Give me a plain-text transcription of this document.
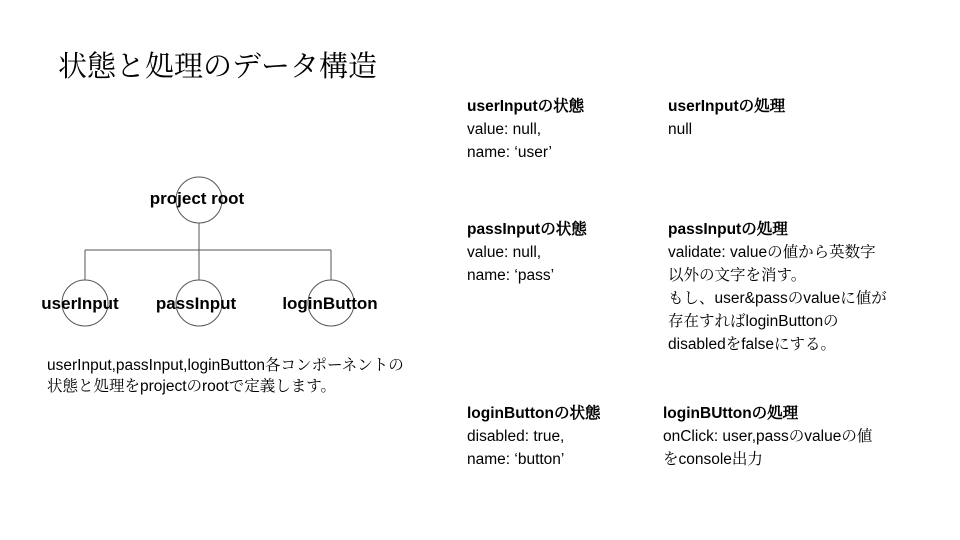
状態と処理のデータ構造
project root
userInput passInput	loginButton
userInput,passInput,loginButton各コンポーネントの状態と処理をprojectのrootで定義します。
userInputの状態
value: null,
name: ‘user’
userInputの処理
null
passInputの状態
value: null,
name: ‘pass’
passInputの処理
validate: valueの値から英数字
以外の文字を消す。
もし、user&passのvalueに値が
存在すればloginButtonの
disabledをfalseにする。
loginButtonの状態
disabled: true,
name: ‘button’
loginBUttonの処理
onClick: user,passのvalueの値
をconsole出力
